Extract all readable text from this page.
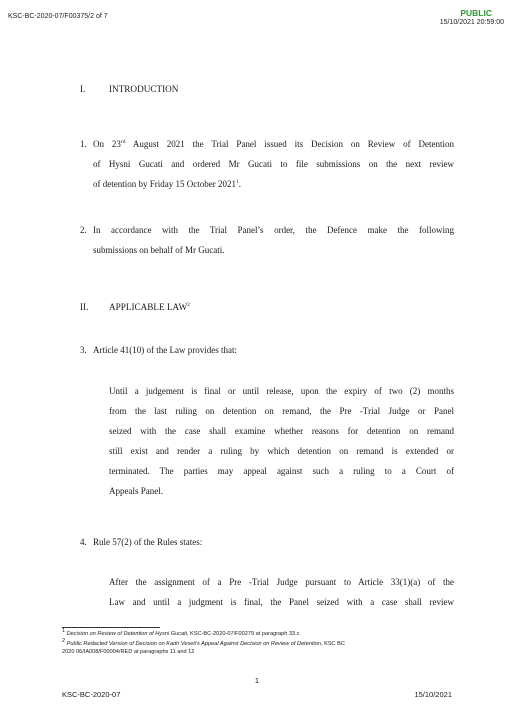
KSC-BC-2020-07/F00375/2 of 7	PUBLIC
15/10/2021 20:59:00
I.	INTRODUCTION
1. On 23rd August 2021 the Trial Panel issued its Decision on Review of Detention
of Hysni Gucati and ordered Mr Gucati to file submissions on the next review
of detention by Friday 15 October 2021$^1$.
2. In accordance with the Trial Panel’s order, the Defence make the following
submissions on behalf of Mr Gucati.
II. APPLICABLE LAW$^2$
3. Article 41(10) of the Law provides that:
Until a judgement is final or until release, upon the expiry of two (2) months
from the last ruling on detention on remand, the Pre -Trial Judge or Panel
seized with the case shall examine whether reasons for detention on remand
still exist and render a ruling by which detention on remand is extended or
terminated. The parties may appeal against such a ruling to a Court of
Appeals Panel.
4. Rule 57(2) of the Rules states:
After the assignment of a Pre -Trial Judge pursuant to Article 33(1)(a) of the
Law and until a judgment is final, the Panel seized with a case shall review
$^1$ Decision on Review of Detention of Hysni Gucati, KSC-BC-2020-07/F00279 at paragraph 33.c
$^2$ Public Redacted Version of Decision on Kadri Veseli’s Appeal Against Decision on Review of Detention, KSC BC
2020 06/IA008/F00004/RED at paragraphs 11 and 12
1
KSC-BC-2020-07	15/10/2021
